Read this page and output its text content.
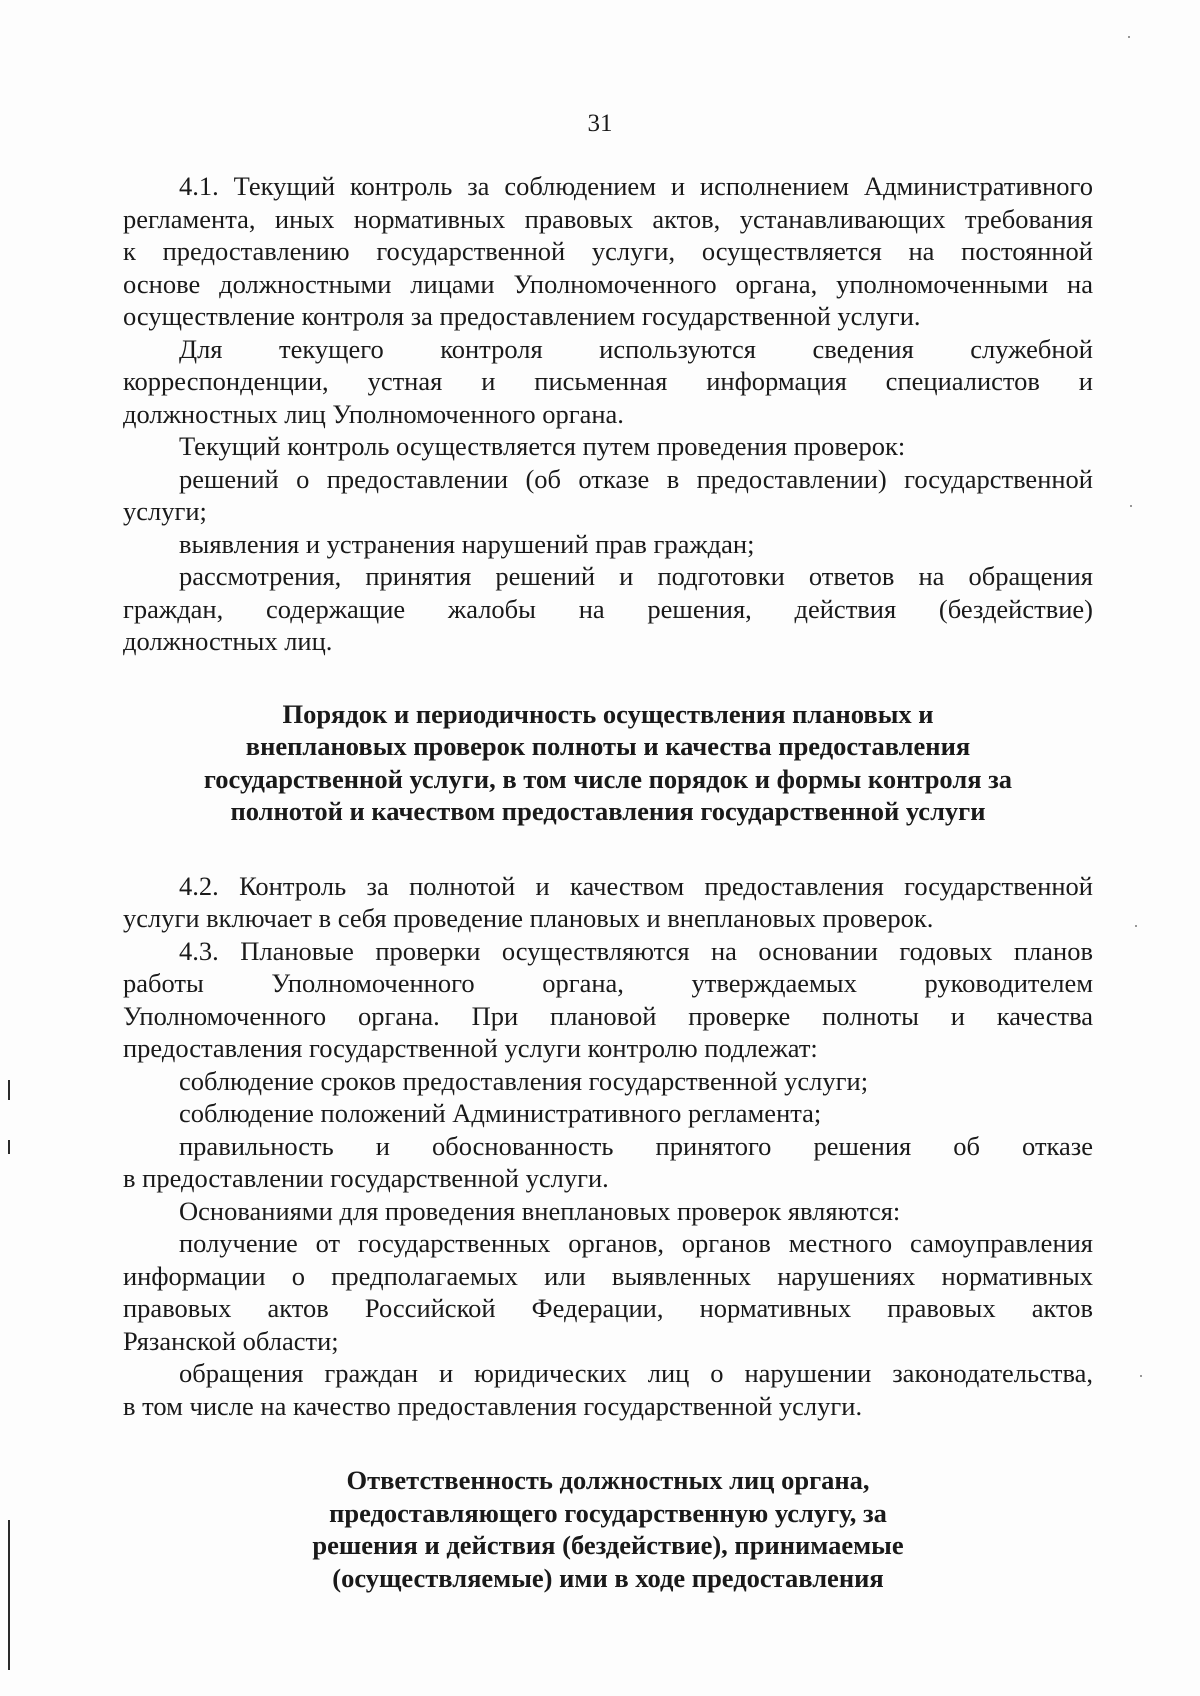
31
4.1. Текущий контроль за соблюдением и исполнением Административного
регламента, иных нормативных правовых актов, устанавливающих требования
к предоставлению государственной услуги, осуществляется на постоянной
основе должностными лицами Уполномоченного органа, уполномоченными на
осуществление контроля за предоставлением государственной услуги.
Для текущего контроля используются сведения служебной
корреспонденции, устная и письменная информация специалистов и
должностных лиц Уполномоченного органа.
Текущий контроль осуществляется путем проведения проверок:
решений о предоставлении (об отказе в предоставлении) государственной
услуги;
выявления и устранения нарушений прав граждан;
рассмотрения, принятия решений и подготовки ответов на обращения
граждан, содержащие жалобы на решения, действия (бездействие)
должностных лиц.
Порядок и периодичность осуществления плановых и
внеплановых проверок полноты и качества предоставления
государственной услуги, в том числе порядок и формы контроля за
полнотой и качеством предоставления государственной услуги
4.2. Контроль за полнотой и качеством предоставления государственной
услуги включает в себя проведение плановых и внеплановых проверок.
4.3. Плановые проверки осуществляются на основании годовых планов
работы Уполномоченного органа, утверждаемых руководителем
Уполномоченного органа. При плановой проверке полноты и качества
предоставления государственной услуги контролю подлежат:
соблюдение сроков предоставления государственной услуги;
соблюдение положений Административного регламента;
правильность и обоснованность принятого решения об отказе
в предоставлении государственной услуги.
Основаниями для проведения внеплановых проверок являются:
получение от государственных органов, органов местного самоуправления
информации о предполагаемых или выявленных нарушениях нормативных
правовых актов Российской Федерации, нормативных правовых актов
Рязанской области;
обращения граждан и юридических лиц о нарушении законодательства,
в том числе на качество предоставления государственной услуги.
Ответственность должностных лиц органа,
предоставляющего государственную услугу, за
решения и действия (бездействие), принимаемые
(осуществляемые) ими в ходе предоставления
